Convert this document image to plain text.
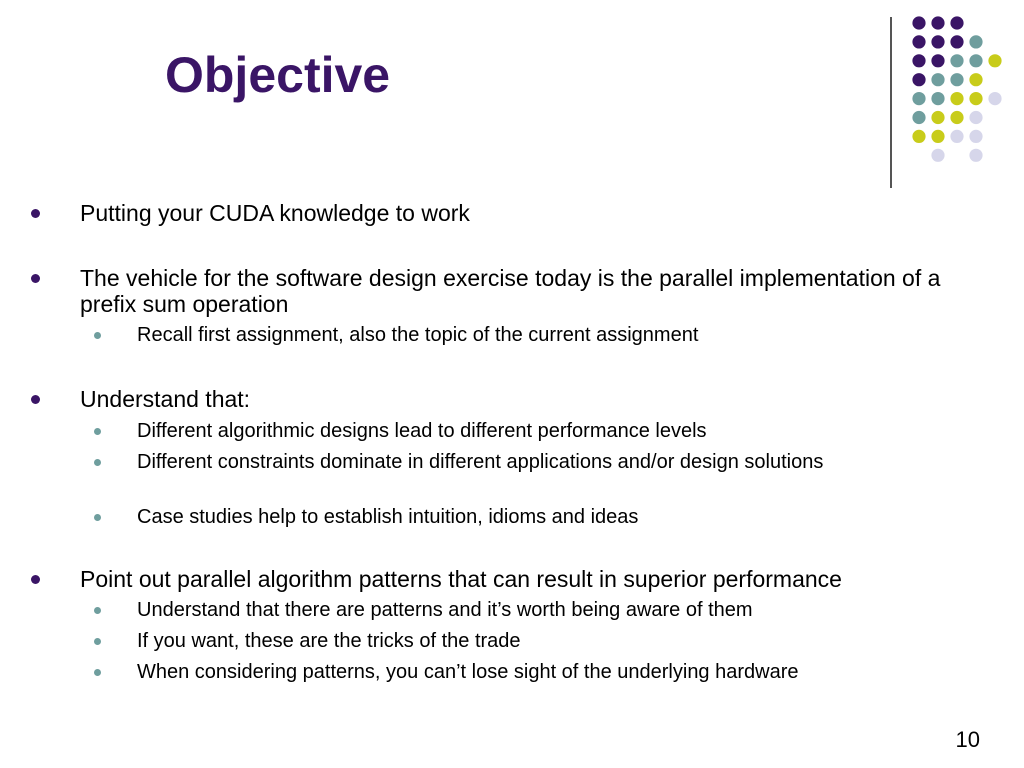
Objective
Putting your CUDA knowledge to work
The vehicle for the software design exercise today is the parallel implementation of a prefix sum operation
Recall first assignment, also the topic of the current assignment
Understand that:
Different algorithmic designs lead to different performance levels
Different constraints dominate in different applications and/or design solutions
Case studies help to establish intuition, idioms and ideas
Point out parallel algorithm patterns that can result in superior performance
Understand that there are patterns and it’s worth being aware of them
If you want, these are the tricks of the trade
When considering patterns, you can’t lose sight of the underlying hardware
10
